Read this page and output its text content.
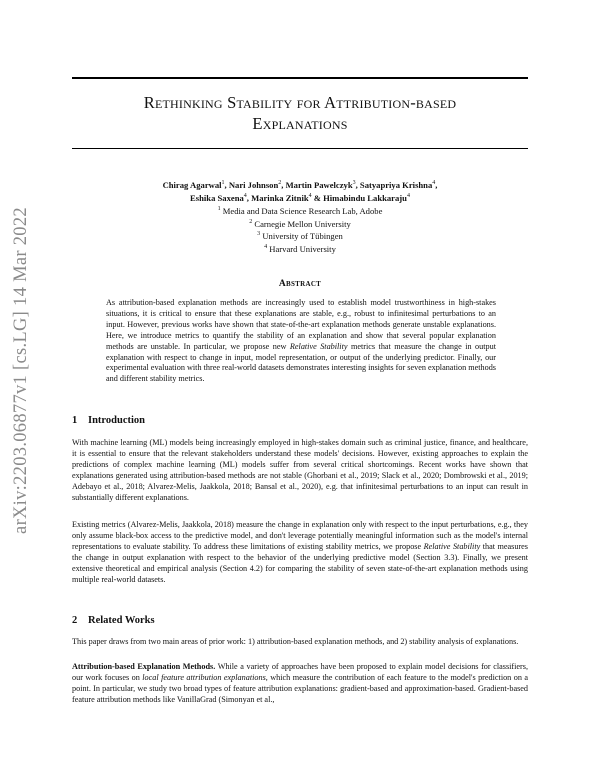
arXiv:2203.06877v1 [cs.LG] 14 Mar 2022
Rethinking Stability for Attribution-based
Explanations
Chirag Agarwal$^1$, Nari Johnson$^2$, Martin Pawelczyk$^3$, Satyapriya Krishna$^4$,
Eshika Saxena$^4$, Marinka Zitnik$^4$ & Himabindu Lakkaraju$^4$
$^1$ Media and Data Science Research Lab, Adobe
$^2$ Carnegie Mellon University
$^3$ University of Tübingen
$^4$ Harvard University
Abstract
As attribution-based explanation methods are increasingly used to establish model trustworthiness in high-stakes situations, it is critical to ensure that these explanations are stable, e.g., robust to infinitesimal perturbations to an input. However, previous works have shown that state-of-the-art explanation methods generate unstable explanations. Here, we introduce metrics to quantify the stability of an explanation and show that several popular explanation methods are unstable. In particular, we propose new Relative Stability metrics that measure the change in output explanation with respect to change in input, model representation, or output of the underlying predictor. Finally, our experimental evaluation with three real-world datasets demonstrates interesting insights for seven explanation methods and different stability metrics.
1 Introduction
With machine learning (ML) models being increasingly employed in high-stakes domain such as criminal justice, finance, and healthcare, it is essential to ensure that the relevant stakeholders understand these models' decisions. However, existing approaches to explain the predictions of complex machine learning (ML) models suffer from several critical shortcomings. Recent works have shown that explanations generated using attribution-based methods are not stable (Ghorbani et al., 2019; Slack et al., 2020; Dombrowski et al., 2019; Adebayo et al., 2018; Alvarez-Melis, Jaakkola, 2018; Bansal et al., 2020), e.g. that infinitesimal perturbations to an input can result in substantially different explanations.
Existing metrics (Alvarez-Melis, Jaakkola, 2018) measure the change in explanation only with respect to the input perturbations, e.g., they only assume black-box access to the predictive model, and don't leverage potentially meaningful information such as the model's internal representations to evaluate stability. To address these limitations of existing stability metrics, we propose Relative Stability that measures the change in output explanation with respect to the behavior of the underlying predictive model (Section 3.3). Finally, we present extensive theoretical and empirical analysis (Section 4.2) for comparing the stability of seven state-of-the-art explanation methods using multiple real-world datasets.
2 Related Works
This paper draws from two main areas of prior work: 1) attribution-based explanation methods, and 2) stability analysis of explanations.
Attribution-based Explanation Methods. While a variety of approaches have been proposed to explain model decisions for classifiers, our work focuses on local feature attribution explanations, which measure the contribution of each feature to the model's prediction on a point. In particular, we study two broad types of feature attribution explanations: gradient-based and approximation-based. Gradient-based feature attribution methods like VanillaGrad (Simonyan et al.,
